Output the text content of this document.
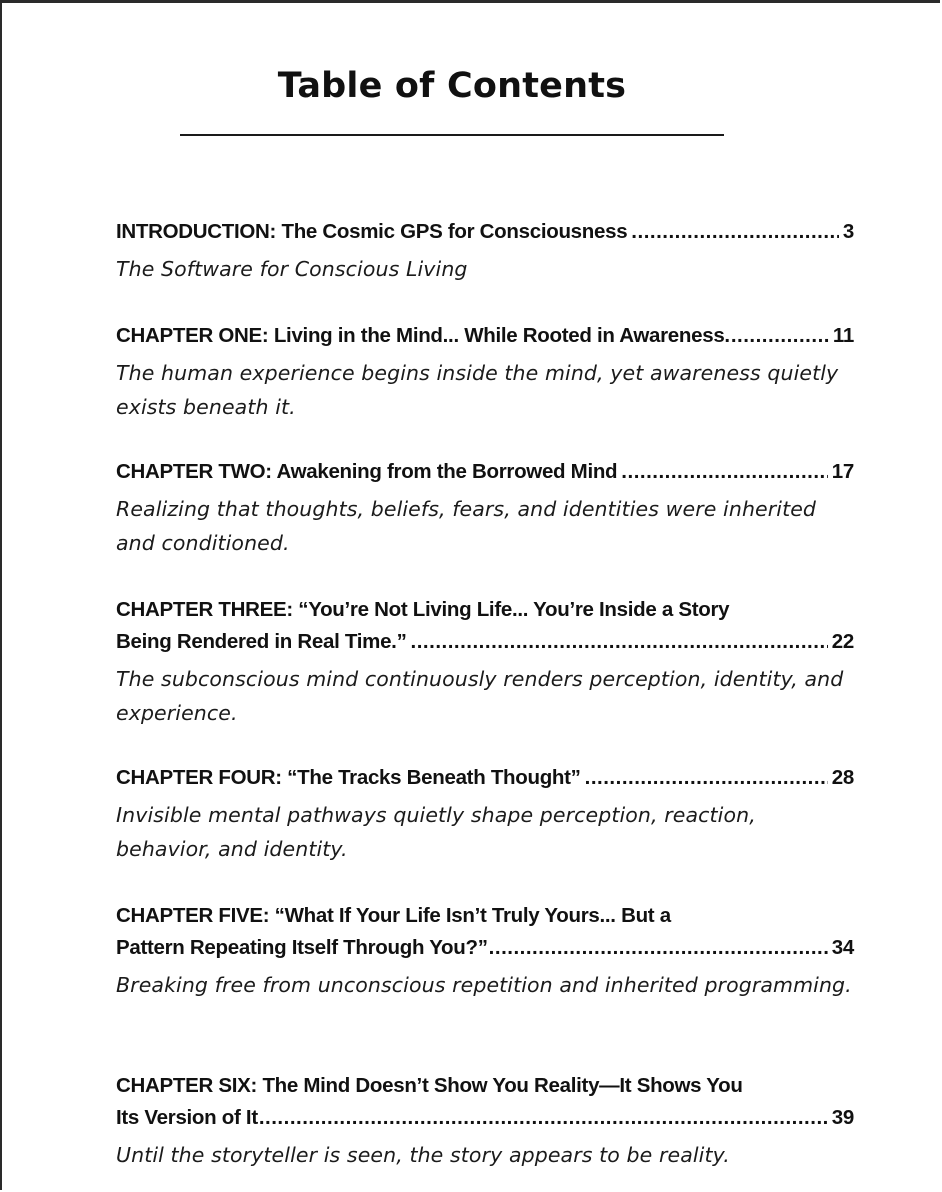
Table of Contents
INTRODUCTION: The Cosmic GPS for Consciousness .....	3
The Software for Conscious Living
CHAPTER ONE: Living in the Mind... While Rooted in Awareness. .....	11
The human experience begins inside the mind, yet awareness quietly exists beneath it.
CHAPTER TWO: Awakening from the Borrowed Mind .....	17
Realizing that thoughts, beliefs, fears, and identities were inherited and conditioned.
CHAPTER THREE: “You’re Not Living Life... You’re Inside a Story
Being Rendered in Real Time.” .....	22
The subconscious mind continuously renders perception, identity, and experience.
CHAPTER FOUR: “The Tracks Beneath Thought” .....	28
Invisible mental pathways quietly shape perception, reaction, behavior, and identity.
CHAPTER FIVE: “What If Your Life Isn’t Truly Yours... But a
Pattern Repeating Itself Through You?” .....	34
Breaking free from unconscious repetition and inherited programming.
CHAPTER SIX: The Mind Doesn’t Show You Reality—It Shows You
Its Version of It .....	39
Until the storyteller is seen, the story appears to be reality.
